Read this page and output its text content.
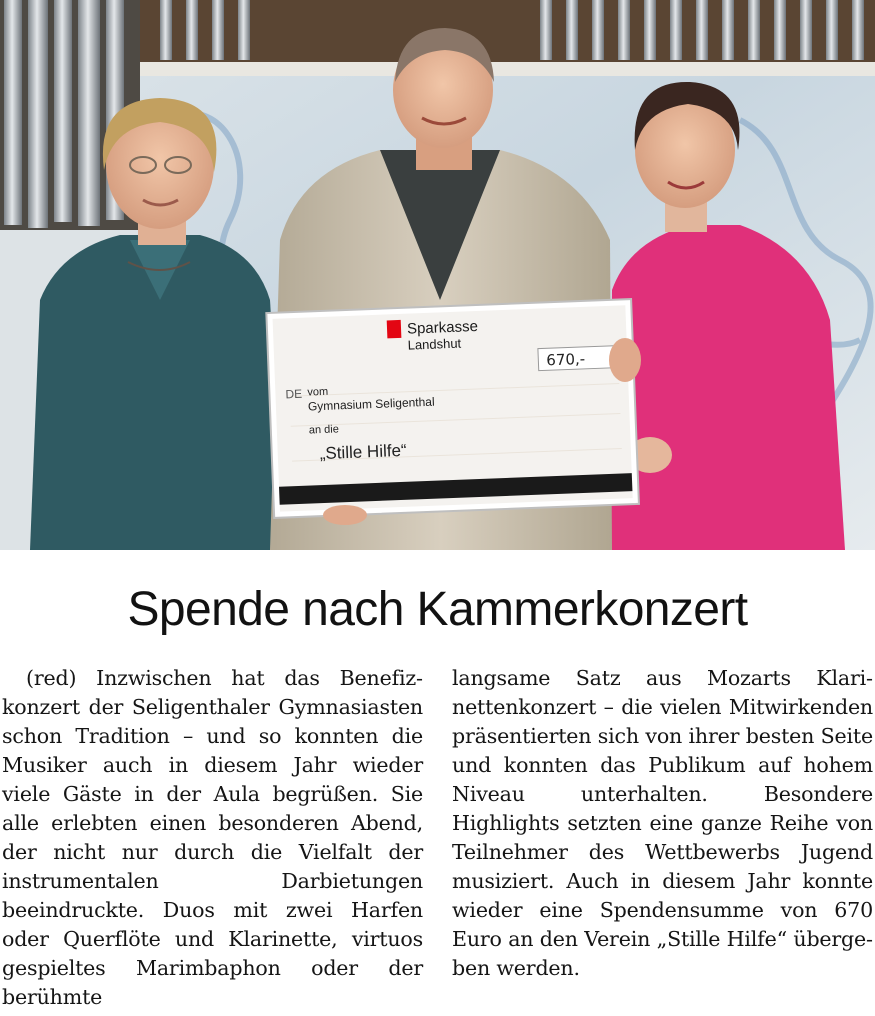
Sparkasse
Landshut
670,-
DE vom
Gymnasium Seligenthal
an die
„Stille Hilfe“
Spende nach Kammerkonzert

(red) Inzwischen hat das Benefizkonzert der Seligenthaler Gymnasiasten schon Tradition – und so konnten die Musiker auch in diesem Jahr wieder viele Gäste in der Aula begrüßen. Sie alle erlebten einen besonderen Abend, der nicht nur durch die Vielfalt der instrumentalen Darbietungen beeindruckte. Duos mit zwei Harfen oder Querflöte und Klarinette, virtuos gespieltes Marimbaphon oder der berühmte

langsame Satz aus Mozarts Klarinettenkonzert – die vielen Mitwirkenden präsentierten sich von ihrer besten Seite und konnten das Publikum auf hohem Niveau unterhalten. Besondere Highlights setzten eine ganze Reihe von Teilnehmer des Wettbewerbs Jugend musiziert. Auch in diesem Jahr konnte wieder eine Spendensumme von 670 Euro an den Verein „Stille Hilfe“ übergeben werden.
